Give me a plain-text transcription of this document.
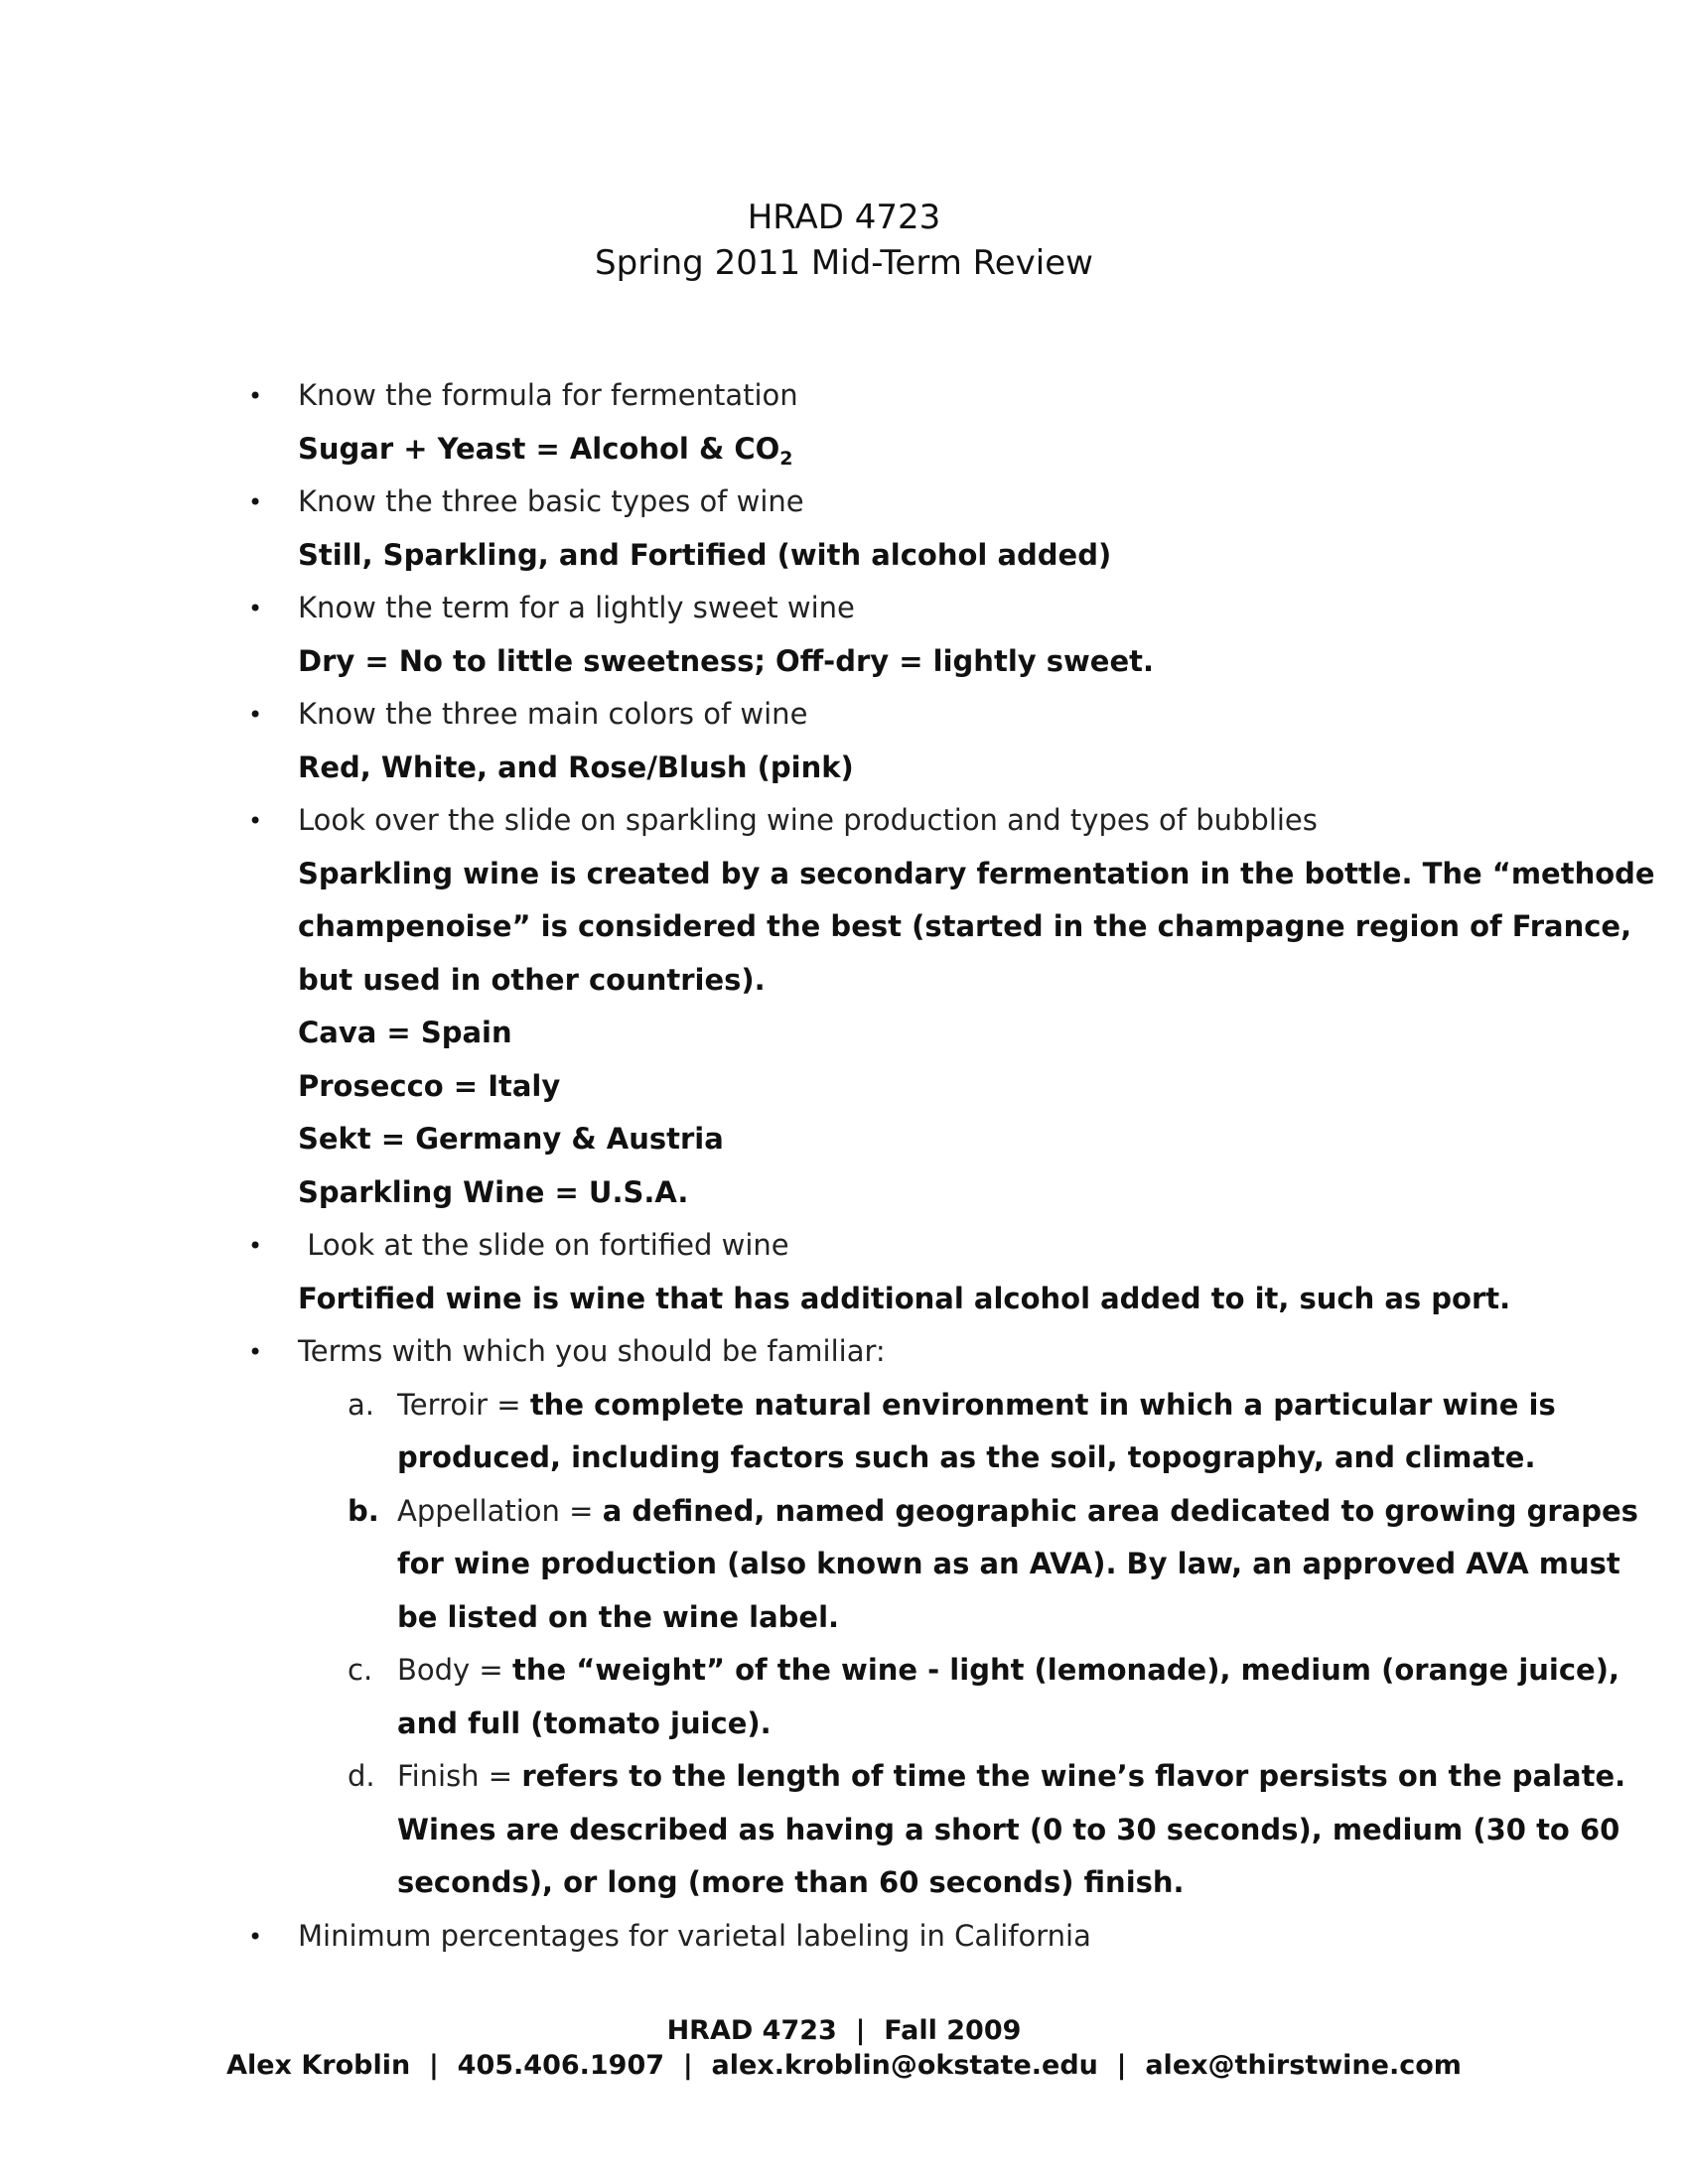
HRAD 4723
Spring 2011 Mid-Term Review
•	Know the formula for fermentation
Sugar + Yeast = Alcohol & $CO_2$
•	Know the three basic types of wine
Still, Sparkling, and Fortified (with alcohol added)
•	Know the term for a lightly sweet wine
Dry = No to little sweetness; Off-dry = lightly sweet.
•	Know the three main colors of wine
Red, White, and Rose/Blush (pink)
•	Look over the slide on sparkling wine production and types of bubblies
Sparkling wine is created by a secondary fermentation in the bottle. The “methode
champenoise” is considered the best (started in the champagne region of France,
but used in other countries).
Cava = Spain
Prosecco = Italy
Sekt = Germany & Austria
Sparkling Wine = U.S.A.
•	Look at the slide on fortified wine
Fortified wine is wine that has additional alcohol added to it, such as port.
•	Terms with which you should be familiar:
a. Terroir = the complete natural environment in which a particular wine is
produced, including factors such as the soil, topography, and climate.
b. Appellation = a defined, named geographic area dedicated to growing grapes
for wine production (also known as an AVA). By law, an approved AVA must
be listed on the wine label.
c. Body = the “weight” of the wine - light (lemonade), medium (orange juice),
and full (tomato juice).
d. Finish = refers to the length of time the wine’s flavor persists on the palate.
Wines are described as having a short (0 to 30 seconds), medium (30 to 60
seconds), or long (more than 60 seconds) finish.
•	Minimum percentages for varietal labeling in California
HRAD 4723  |  Fall 2009
Alex Kroblin  |  405.406.1907  |  alex.kroblin@okstate.edu  |  alex@thirstwine.com
